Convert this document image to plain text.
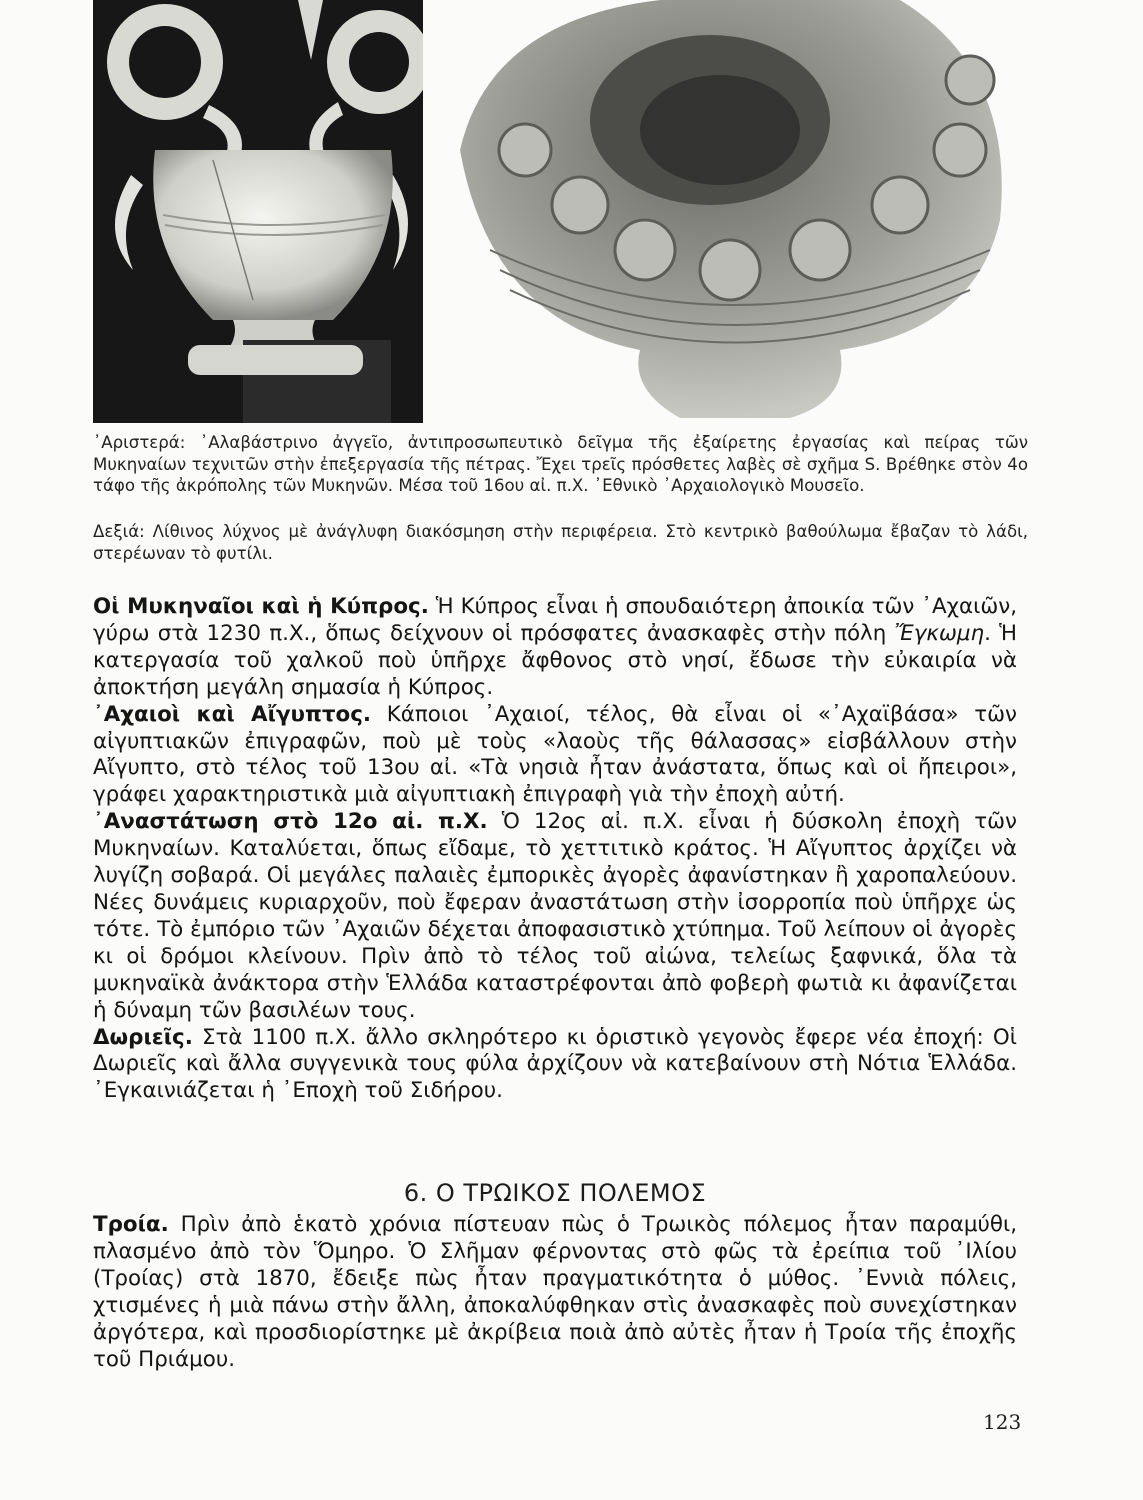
᾿Αριστερά: ᾿Αλαβάστρινο ἀγγεῖο, ἀντιπροσωπευτικὸ δεῖγμα τῆς ἐξαίρετης ἐργασίας καὶ πείρας τῶν Μυκηναίων τεχνιτῶν στὴν ἐπεξεργασία τῆς πέτρας. Ἔχει τρεῖς πρόσθετες λαβὲς σὲ σχῆμα S. Βρέθηκε στὸν 4ο τάφο τῆς ἀκρόπολης τῶν Μυκηνῶν. Μέσα τοῦ 16ου αἰ. π.Χ. ᾿Εθνικὸ ᾿Αρχαιολογικὸ Μουσεῖο.

Δεξιά: Λίθινος λύχνος μὲ ἀνάγλυφη διακόσμηση στὴν περιφέρεια. Στὸ κεντρικὸ βαθούλωμα ἔβαζαν τὸ λάδι, στερέωναν τὸ φυτίλι.

Οἱ Μυκηναῖοι καὶ ἡ Κύπρος. Ἡ Κύπρος εἶναι ἡ σπουδαιότερη ἀποικία τῶν ᾿Αχαιῶν, γύρω στὰ 1230 π.Χ., ὅπως δείχνουν οἱ πρόσφατες ἀνασκαφὲς στὴν πόλη Ἔγκωμη. Ἡ κατεργασία τοῦ χαλκοῦ ποὺ ὑπῆρχε ἄφθονος στὸ νησί, ἔδωσε τὴν εὐκαιρία νὰ ἀποκτήση μεγάλη σημασία ἡ Κύπρος.

᾿Αχαιοὶ καὶ Αἴγυπτος. Κάποιοι ᾿Αχαιοί, τέλος, θὰ εἶναι οἱ «᾿Αχαϊβάσα» τῶν αἰγυπτιακῶν ἐπιγραφῶν, ποὺ μὲ τοὺς «λαοὺς τῆς θάλασσας» εἰσβάλλουν στὴν Αἴγυπτο, στὸ τέλος τοῦ 13ου αἰ. «Τὰ νησιὰ ἦταν ἀνάστατα, ὅπως καὶ οἱ ἤπειροι», γράφει χαρακτηριστικὰ μιὰ αἰγυπτιακὴ ἐπιγραφὴ γιὰ τὴν ἐποχὴ αὐτή.

᾿Αναστάτωση στὸ 12ο αἰ. π.Χ. Ὁ 12ος αἰ. π.Χ. εἶναι ἡ δύσκολη ἐποχὴ τῶν Μυκηναίων. Καταλύεται, ὅπως εἴδαμε, τὸ χεττιτικὸ κράτος. Ἡ Αἴγυπτος ἀρχίζει νὰ λυγίζη σοβαρά. Οἱ μεγάλες παλαιὲς ἐμπορικὲς ἀγορὲς ἀφανίστηκαν ἢ χαροπαλεύουν. Νέες δυνάμεις κυριαρχοῦν, ποὺ ἔφεραν ἀναστάτωση στὴν ἰσορροπία ποὺ ὑπῆρχε ὡς τότε. Τὸ ἐμπόριο τῶν ᾿Αχαιῶν δέχεται ἀποφασιστικὸ χτύπημα. Τοῦ λείπουν οἱ ἀγορὲς κι οἱ δρόμοι κλείνουν. Πρὶν ἀπὸ τὸ τέλος τοῦ αἰώνα, τελείως ξαφνικά, ὅλα τὰ μυκηναϊκὰ ἀνάκτορα στὴν Ἑλλάδα καταστρέφονται ἀπὸ φοβερὴ φωτιὰ κι ἀφανίζεται ἡ δύναμη τῶν βασιλέων τους.

Δωριεῖς. Στὰ 1100 π.Χ. ἄλλο σκληρότερο κι ὁριστικὸ γεγονὸς ἔφερε νέα ἐποχή: Οἱ Δωριεῖς καὶ ἄλλα συγγενικὰ τους φύλα ἀρχίζουν νὰ κατεβαίνουν στὴ Νότια Ἑλλάδα. ᾿Εγκαινιάζεται ἡ ᾿Εποχὴ τοῦ Σιδήρου.

6. Ο ΤΡΩΙΚΟΣ ΠΟΛΕΜΟΣ

Τροία. Πρὶν ἀπὸ ἑκατὸ χρόνια πίστευαν πὼς ὁ Τρωικὸς πόλεμος ἦταν παραμύθι, πλασμένο ἀπὸ τὸν Ὅμηρο. Ὁ Σλῆμαν φέρνοντας στὸ φῶς τὰ ἐρείπια τοῦ ᾿Ιλίου (Τροίας) στὰ 1870, ἔδειξε πὼς ἦταν πραγματικότητα ὁ μύθος. ᾿Εννιὰ πόλεις, χτισμένες ἡ μιὰ πάνω στὴν ἄλλη, ἀποκαλύφθηκαν στὶς ἀνασκαφὲς ποὺ συνεχίστηκαν ἀργότερα, καὶ προσδιορίστηκε μὲ ἀκρίβεια ποιὰ ἀπὸ αὐτὲς ἦταν ἡ Τροία τῆς ἐποχῆς τοῦ Πριάμου.

123
